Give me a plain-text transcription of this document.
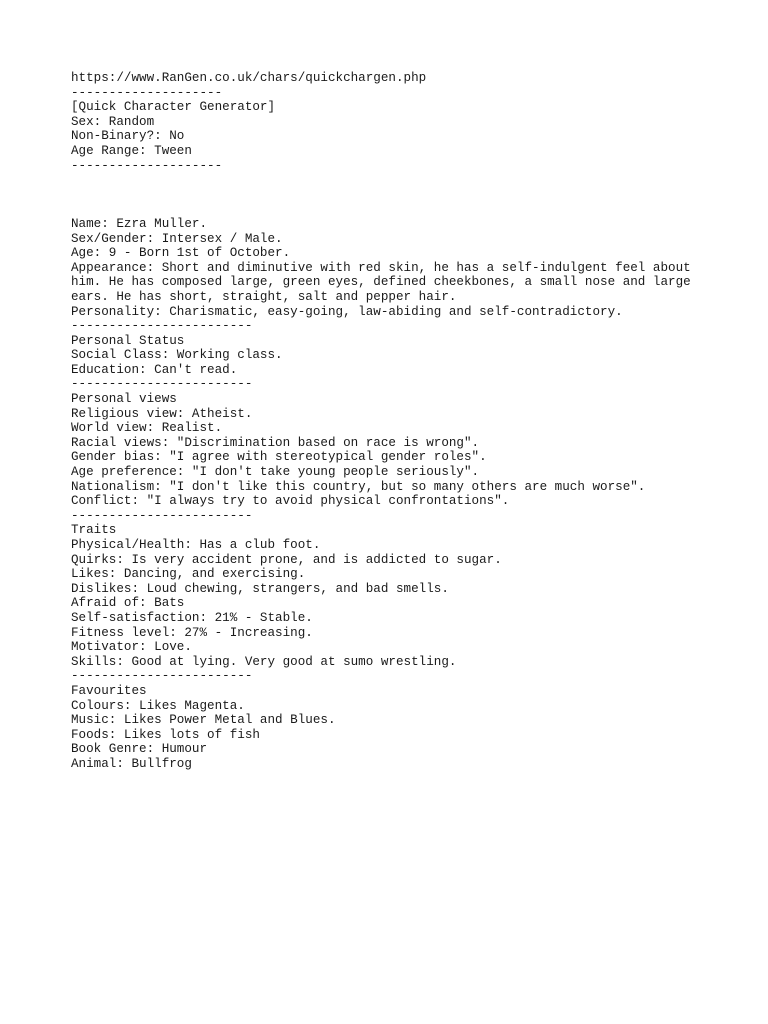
https://www.RanGen.co.uk/chars/quickchargen.php
--------------------
[Quick Character Generator]
Sex: Random
Non-Binary?: No
Age Range: Tween
--------------------
Name: Ezra Muller.
Sex/Gender: Intersex / Male.
Age: 9 - Born 1st of October.
Appearance: Short and diminutive with red skin, he has a self-indulgent feel about
him. He has composed large, green eyes, defined cheekbones, a small nose and large
ears. He has short, straight, salt and pepper hair.
Personality: Charismatic, easy-going, law-abiding and self-contradictory.
------------------------
Personal Status
Social Class: Working class.
Education: Can't read.
------------------------
Personal views
Religious view: Atheist.
World view: Realist.
Racial views: "Discrimination based on race is wrong".
Gender bias: "I agree with stereotypical gender roles".
Age preference: "I don't take young people seriously".
Nationalism: "I don't like this country, but so many others are much worse".
Conflict: "I always try to avoid physical confrontations".
------------------------
Traits
Physical/Health: Has a club foot.
Quirks: Is very accident prone, and is addicted to sugar.
Likes: Dancing, and exercising.
Dislikes: Loud chewing, strangers, and bad smells.
Afraid of: Bats
Self-satisfaction: 21% - Stable.
Fitness level: 27% - Increasing.
Motivator: Love.
Skills: Good at lying. Very good at sumo wrestling.
------------------------
Favourites
Colours: Likes Magenta.
Music: Likes Power Metal and Blues.
Foods: Likes lots of fish
Book Genre: Humour
Animal: Bullfrog
